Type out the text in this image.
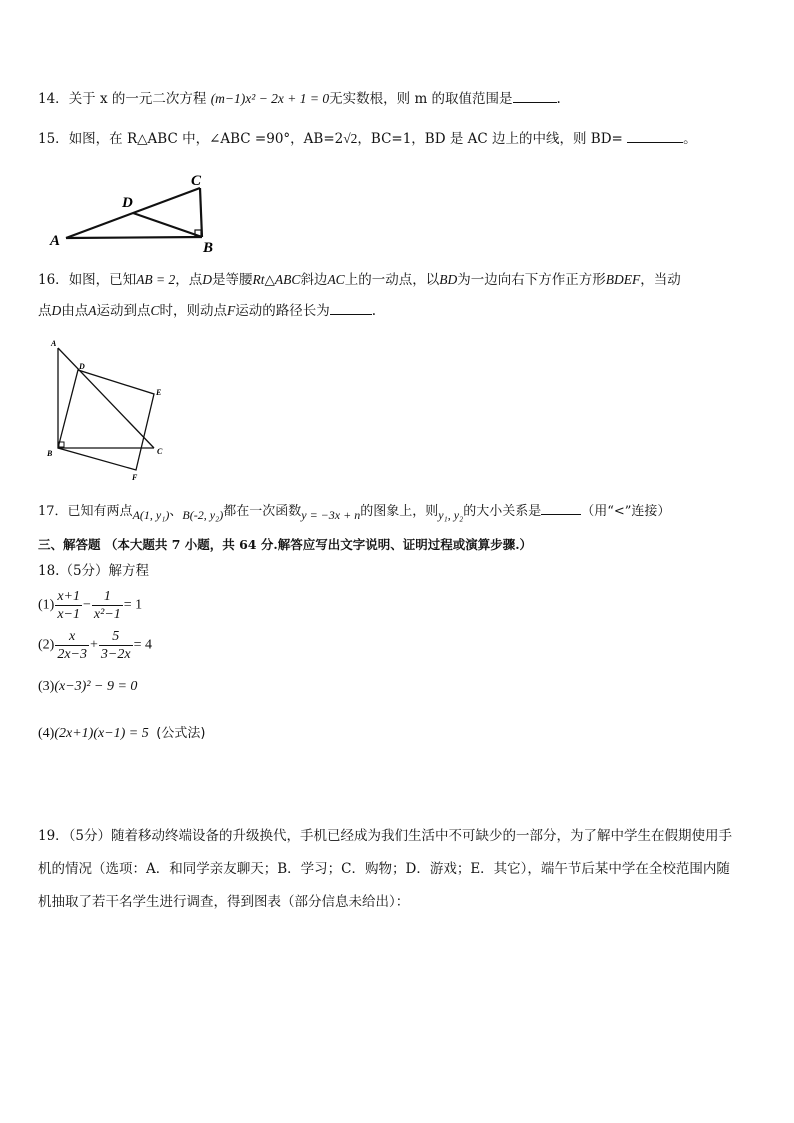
14．关于 x 的一元二次方程 (m−1)x² − 2x + 1 = 0无实数根，则 m 的取值范围是	.
15．如图，在 R△ABC 中，∠ABC =90°，AB=2√2，BC=1，BD 是 AC 边上的中线，则 BD=	。
A	B
C
D
16．如图，已知AB = 2，点D是等腰Rt△ABC斜边AC上的一动点，以BD为一边向右下方作正方形BDEF，当动
点D由点A运动到点C时，则动点F运动的路径长为	.
A
B	C
D
E
F
17．已知有两点A(1, y₁)、B(-2, y₂)都在一次函数y = −3x + n的图象上，则y₁, y₂的大小关系是	（用“<”连接）
三、解答题 （本大题共 7 小题，共 64 分.解答应写出文字说明、证明过程或演算步骤.）
18.（5分）解方程
$(1) \frac{x+1}{x-1} - \frac{1}{\text{x²−1}} = 1$
$(2) \frac{x}{2x-3} + \frac{5}{3-2x} = 4$
(3)(x−3)² − 9 = 0
(4)(2x+1)(x−1) = 5 (公式法)
19．（5分）随着移动终端设备的升级换代，手机已经成为我们生活中不可缺少的一部分，为了解中学生在假期使用手
机的情况（选项：A．和同学亲友聊天；B．学习；C．购物；D．游戏；E．其它），端午节后某中学在全校范围内随
机抽取了若干名学生进行调查，得到图表（部分信息未给出）：
